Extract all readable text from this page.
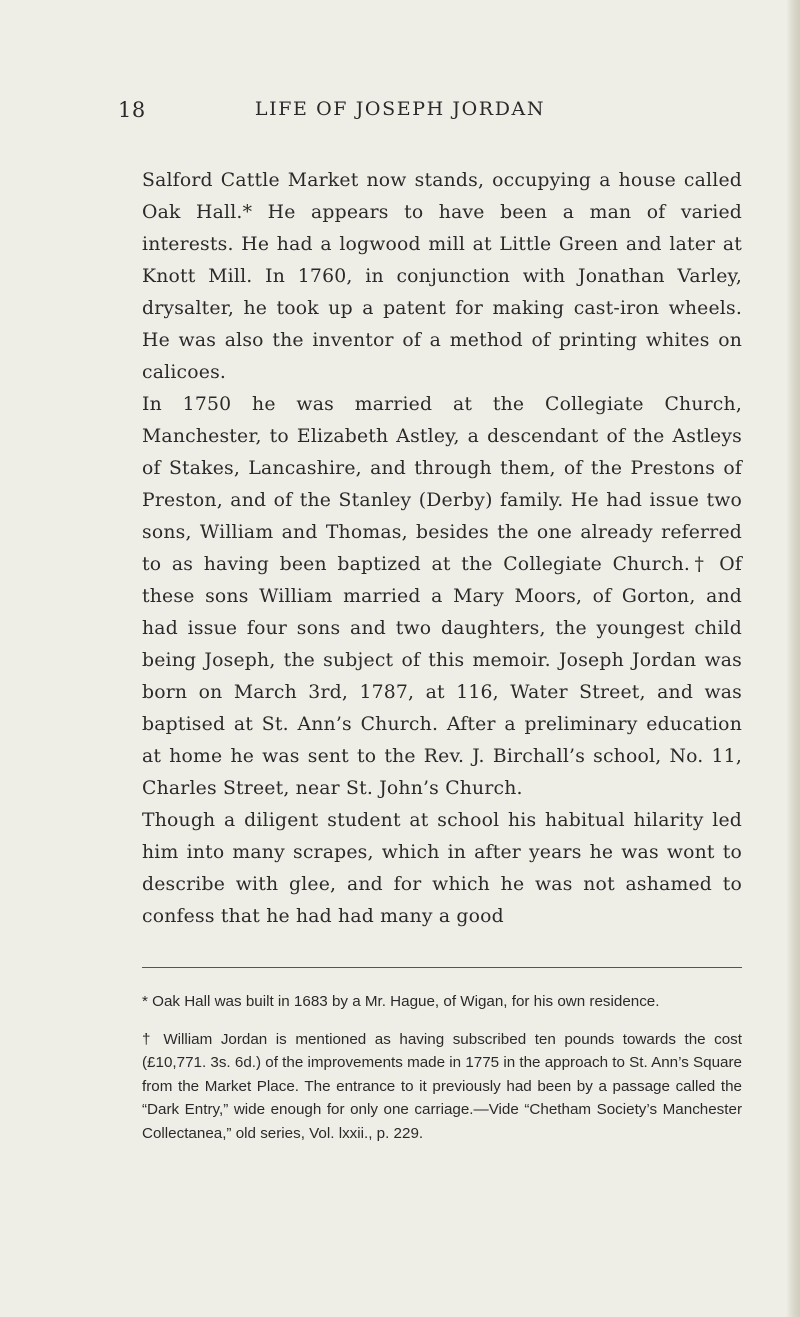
18	LIFE OF JOSEPH JORDAN

Salford Cattle Market now stands, occupying a house called Oak Hall.* He appears to have been a man of varied interests. He had a logwood mill at Little Green and later at Knott Mill. In 1760, in conjunction with Jonathan Varley, drysalter, he took up a patent for making cast-iron wheels. He was also the inventor of a method of printing whites on calicoes.

In 1750 he was married at the Collegiate Church, Manchester, to Elizabeth Astley, a descendant of the Astleys of Stakes, Lancashire, and through them, of the Prestons of Preston, and of the Stanley (Derby) family. He had issue two sons, William and Thomas, besides the one already referred to as having been baptized at the Collegiate Church.† Of these sons William married a Mary Moors, of Gorton, and had issue four sons and two daughters, the youngest child being Joseph, the subject of this memoir. Joseph Jordan was born on March 3rd, 1787, at 116, Water Street, and was baptised at St. Ann’s Church. After a preliminary education at home he was sent to the Rev. J. Birchall’s school, No. 11, Charles Street, near St. John’s Church.

Though a diligent student at school his habitual hilarity led him into many scrapes, which in after years he was wont to describe with glee, and for which he was not ashamed to confess that he had had many a good

* Oak Hall was built in 1683 by a Mr. Hague, of Wigan, for his own residence.

† William Jordan is mentioned as having subscribed ten pounds towards the cost (£10,771. 3s. 6d.) of the improvements made in 1775 in the approach to St. Ann’s Square from the Market Place. The entrance to it previously had been by a passage called the “Dark Entry,” wide enough for only one carriage.—Vide “Chetham Society’s Manchester Collectanea,” old series, Vol. lxxii., p. 229.
